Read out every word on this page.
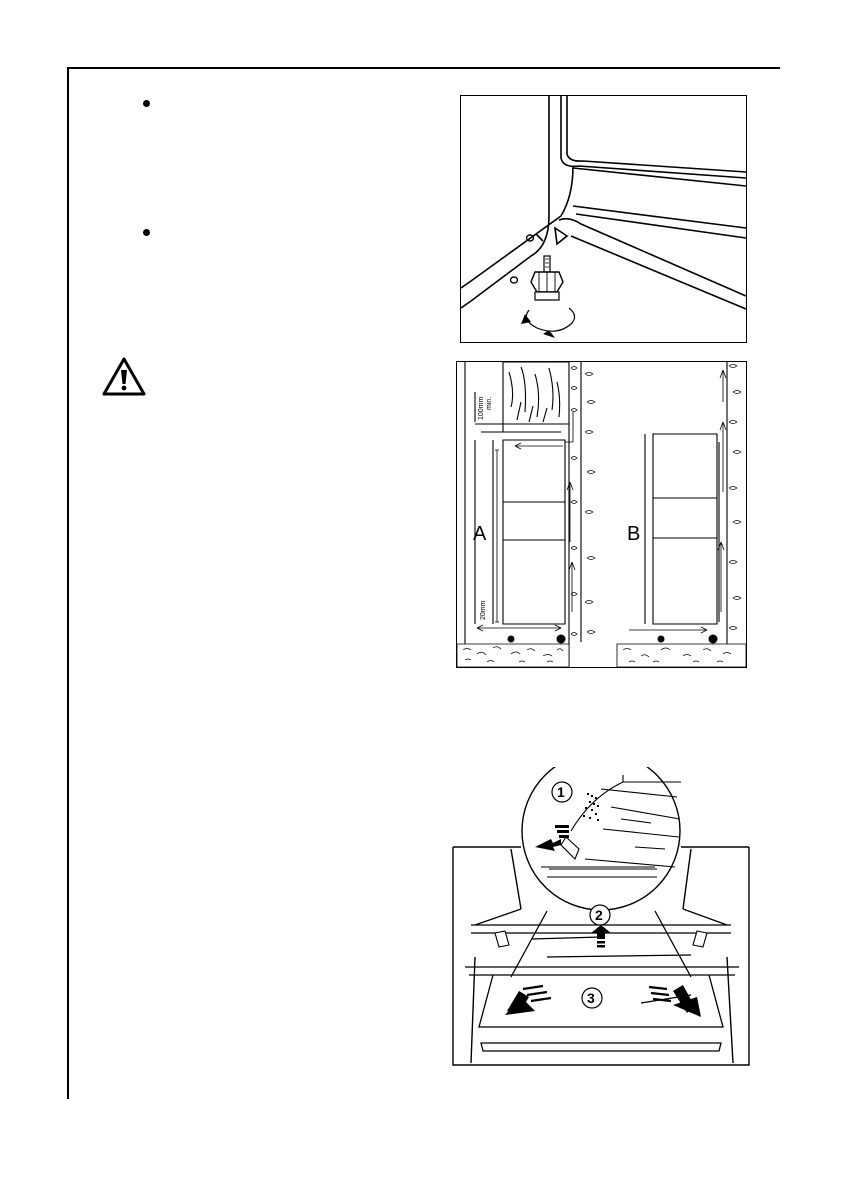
A	B
100mm min.
20mm
1
2
3
